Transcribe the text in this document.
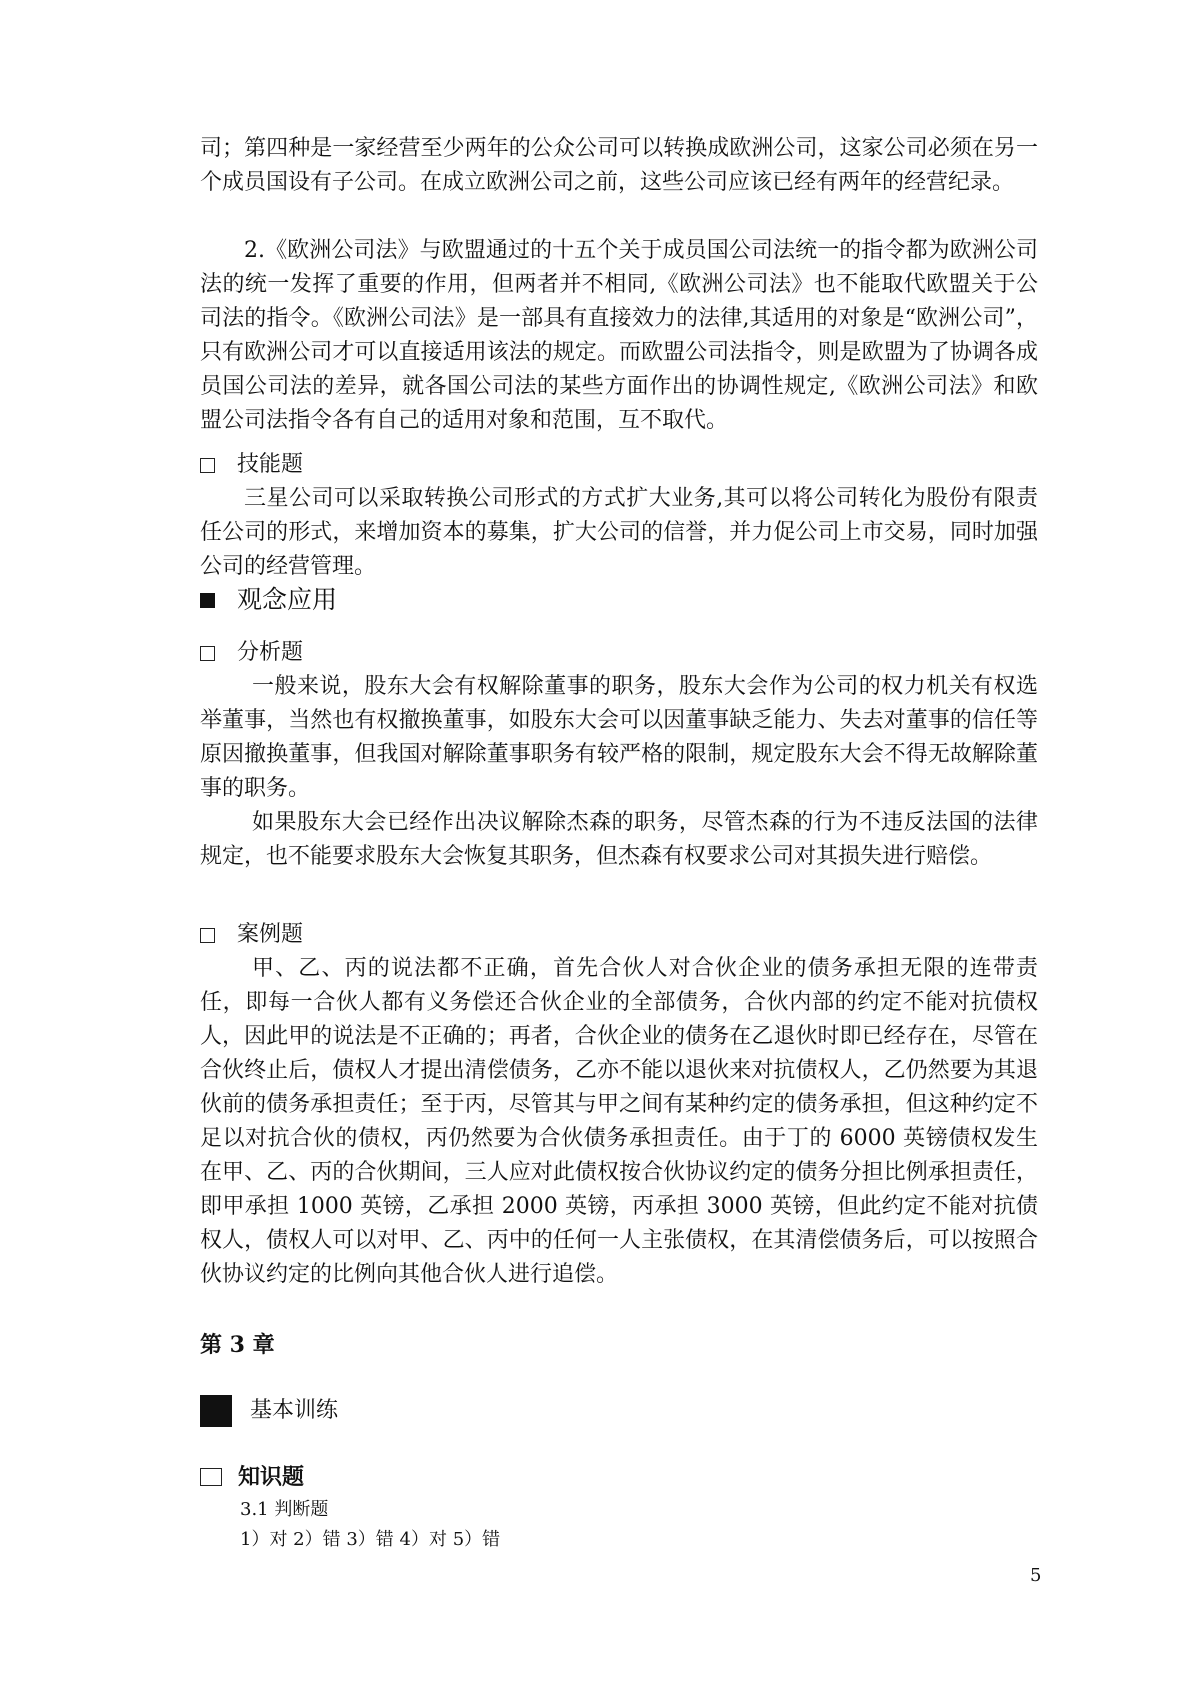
司；第四种是一家经营至少两年的公众公司可以转换成欧洲公司，这家公司必须在另一个成员国设有子公司。在成立欧洲公司之前，这些公司应该已经有两年的经营纪录。

2.《欧洲公司法》与欧盟通过的十五个关于成员国公司法统一的指令都为欧洲公司法的统一发挥了重要的作用，但两者并不相同,《欧洲公司法》也不能取代欧盟关于公司法的指令。《欧洲公司法》是一部具有直接效力的法律,其适用的对象是“欧洲公司”，只有欧洲公司才可以直接适用该法的规定。而欧盟公司法指令，则是欧盟为了协调各成员国公司法的差异，就各国公司法的某些方面作出的协调性规定,《欧洲公司法》和欧盟公司法指令各有自己的适用对象和范围，互不取代。

技能题

三星公司可以采取转换公司形式的方式扩大业务,其可以将公司转化为股份有限责任公司的形式，来增加资本的募集，扩大公司的信誉，并力促公司上市交易，同时加强公司的经营管理。

观念应用
分析题

一般来说，股东大会有权解除董事的职务，股东大会作为公司的权力机关有权选举董事，当然也有权撤换董事，如股东大会可以因董事缺乏能力、失去对董事的信任等原因撤换董事，但我国对解除董事职务有较严格的限制，规定股东大会不得无故解除董事的职务。

如果股东大会已经作出决议解除杰森的职务，尽管杰森的行为不违反法国的法律规定，也不能要求股东大会恢复其职务，但杰森有权要求公司对其损失进行赔偿。

案例题

甲、乙、丙的说法都不正确，首先合伙人对合伙企业的债务承担无限的连带责任，即每一合伙人都有义务偿还合伙企业的全部债务，合伙内部的约定不能对抗债权人，因此甲的说法是不正确的；再者，合伙企业的债务在乙退伙时即已经存在，尽管在合伙终止后，债权人才提出清偿债务，乙亦不能以退伙来对抗债权人，乙仍然要为其退伙前的债务承担责任；至于丙，尽管其与甲之间有某种约定的债务承担，但这种约定不足以对抗合伙的债权，丙仍然要为合伙债务承担责任。由于丁的 6000 英镑债权发生在甲、乙、丙的合伙期间，三人应对此债权按合伙协议约定的债务分担比例承担责任，即甲承担 1000 英镑，乙承担 2000 英镑，丙承担 3000 英镑，但此约定不能对抗债权人，债权人可以对甲、乙、丙中的任何一人主张债权，在其清偿债务后，可以按照合伙协议约定的比例向其他合伙人进行追偿。

第 3 章

基本训练

知识题

3.1 判断题

1）对 2）错 3）错 4）对 5）错

5
